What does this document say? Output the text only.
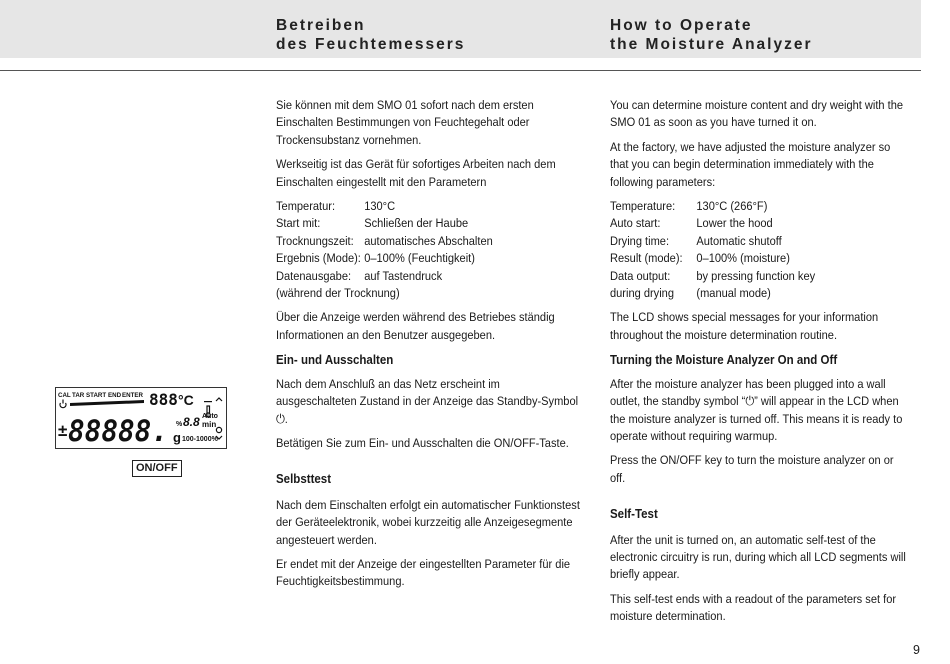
Betreiben
des Feuchtemessers
How to Operate
the Moisture Analyzer

Sie können mit dem SMO 01 sofort nach dem ersten Einschalten Bestimmungen von Feuchtegehalt oder Trockensubstanz vornehmen.

Werkseitig ist das Gerät für sofortiges Arbeiten nach dem Einschalten eingestellt mit den Parametern

Temperatur:	130°C
Start mit:	Schließen der Haube
Trocknungszeit: automatisches Abschalten
Ergebnis (Mode): 0–100% (Feuchtigkeit)
Datenausgabe:	auf Tastendruck
(während der Trocknung)

Über die Anzeige werden während des Betriebes ständig Informationen an den Benutzer ausgegeben.

Ein- und Ausschalten

Nach dem Anschluß an das Netz erscheint im ausgeschalteten Zustand in der Anzeige das Standby-Symbol ⏻.

Betätigen Sie zum Ein- und Ausschalten die ON/OFF-Taste.

Selbsttest

Nach dem Einschalten erfolgt ein automatischer Funktionstest der Geräteelektronik, wobei kurzzeitig alle Anzeigesegmente angesteuert werden.

Er endet mit der Anzeige der eingestellten Parameter für die Feuchtigkeitsbestimmung.

You can determine moisture content and dry weight with the SMO 01 as soon as you have turned it on.

At the factory, we have adjusted the moisture analyzer so that you can begin determination immediately with the following parameters:

Temperature:	130°C (266°F)
Auto start:	Lower the hood
Drying time:	Automatic shutoff
Result (mode):	0–100% (moisture)
Data output:	by pressing function key
during drying	(manual mode)

The LCD shows special messages for your information throughout the moisture determination routine.

Turning the Moisture Analyzer On and Off

After the moisture analyzer has been plugged into a wall outlet, the standby symbol “⏻” will appear in the LCD when the moisture analyzer is turned off. This means it is ready to operate without requiring warmup.

Press the ON/OFF key to turn the moisture analyzer on or off.

Self-Test

After the unit is turned on, an automatic self-test of the electronic circuitry is run, during which all LCD segments will briefly appear.

This self-test ends with a readout of the parameters set for moisture determination.

CAL TAR START END ENTER 888 °C
± 88888. % 8.8 Auto
min
g 100-1000%
ON/OFF
9
